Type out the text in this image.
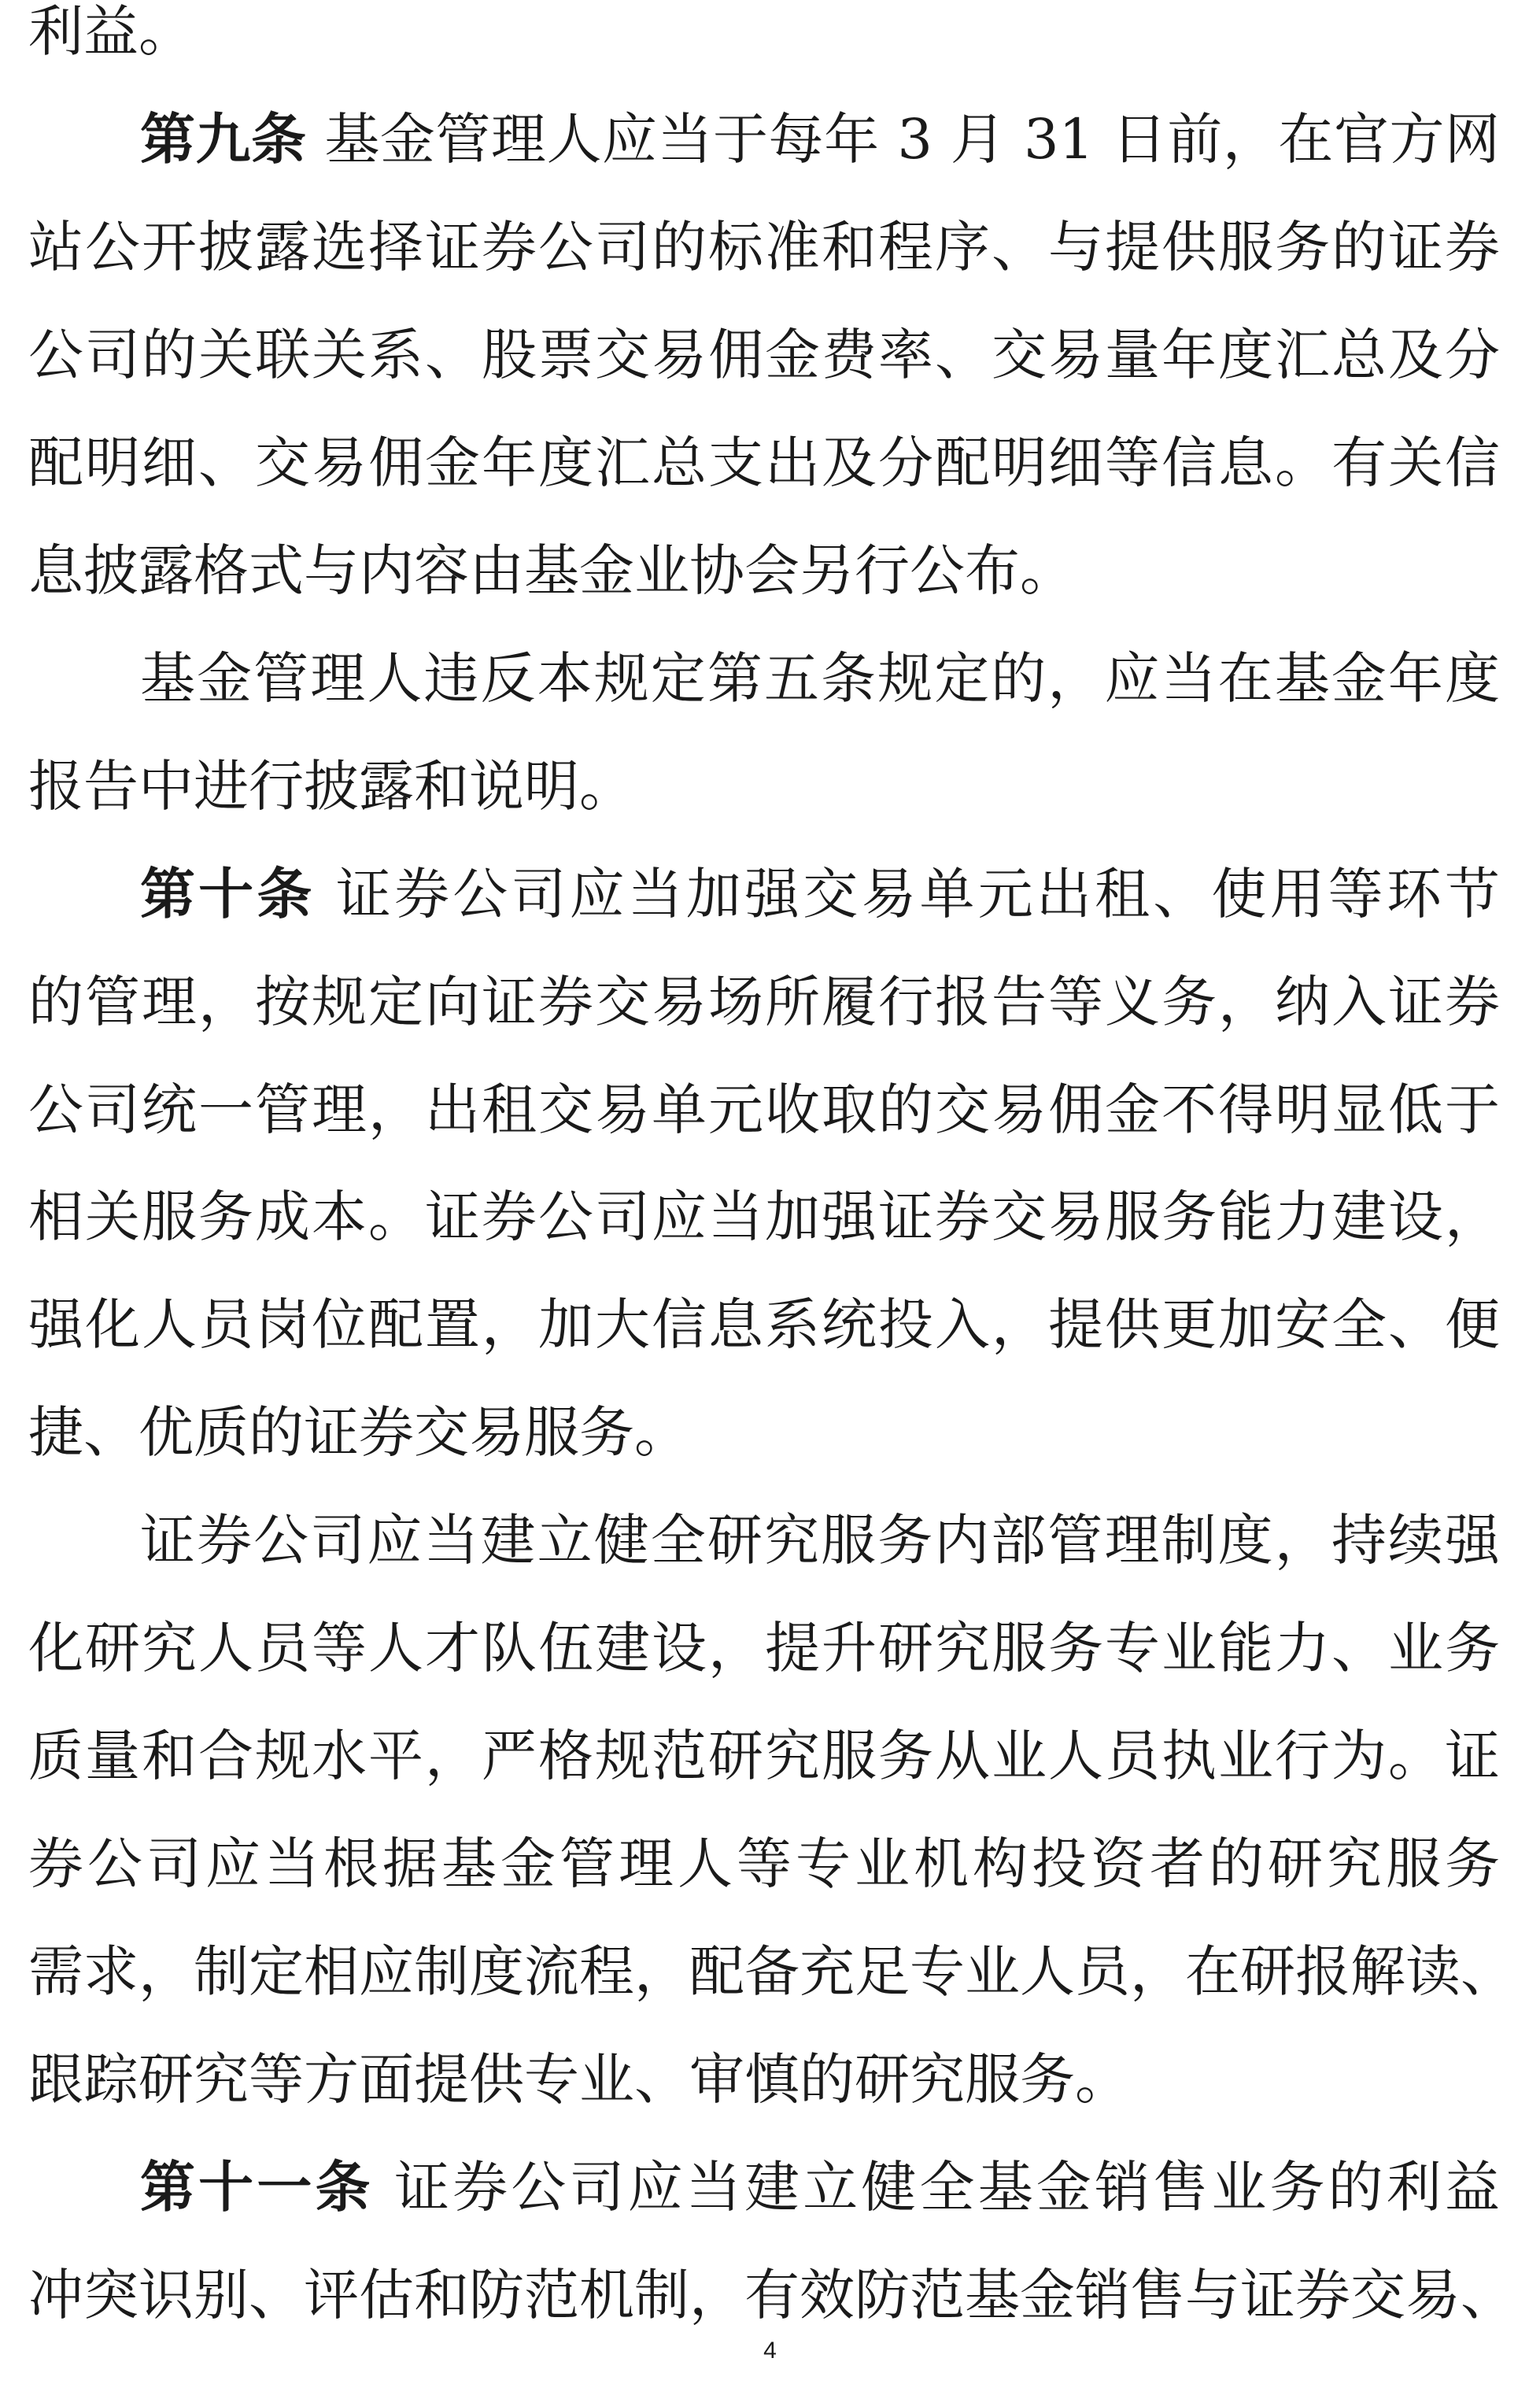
利益。
第九条 基金管理人应当于每年 3 月 31 日前，在官方网
站公开披露选择证券公司的标准和程序、与提供服务的证券
公司的关联关系、股票交易佣金费率、交易量年度汇总及分
配明细、交易佣金年度汇总支出及分配明细等信息。有关信
息披露格式与内容由基金业协会另行公布。
基金管理人违反本规定第五条规定的，应当在基金年度
报告中进行披露和说明。
第十条 证券公司应当加强交易单元出租、使用等环节
的管理，按规定向证券交易场所履行报告等义务，纳入证券
公司统一管理，出租交易单元收取的交易佣金不得明显低于
相关服务成本。证券公司应当加强证券交易服务能力建设，
强化人员岗位配置，加大信息系统投入，提供更加安全、便
捷、优质的证券交易服务。
证券公司应当建立健全研究服务内部管理制度，持续强
化研究人员等人才队伍建设，提升研究服务专业能力、业务
质量和合规水平，严格规范研究服务从业人员执业行为。证
券公司应当根据基金管理人等专业机构投资者的研究服务
需求，制定相应制度流程，配备充足专业人员，在研报解读、
跟踪研究等方面提供专业、审慎的研究服务。
第十一条 证券公司应当建立健全基金销售业务的利益
冲突识别、评估和防范机制，有效防范基金销售与证券交易、
4
